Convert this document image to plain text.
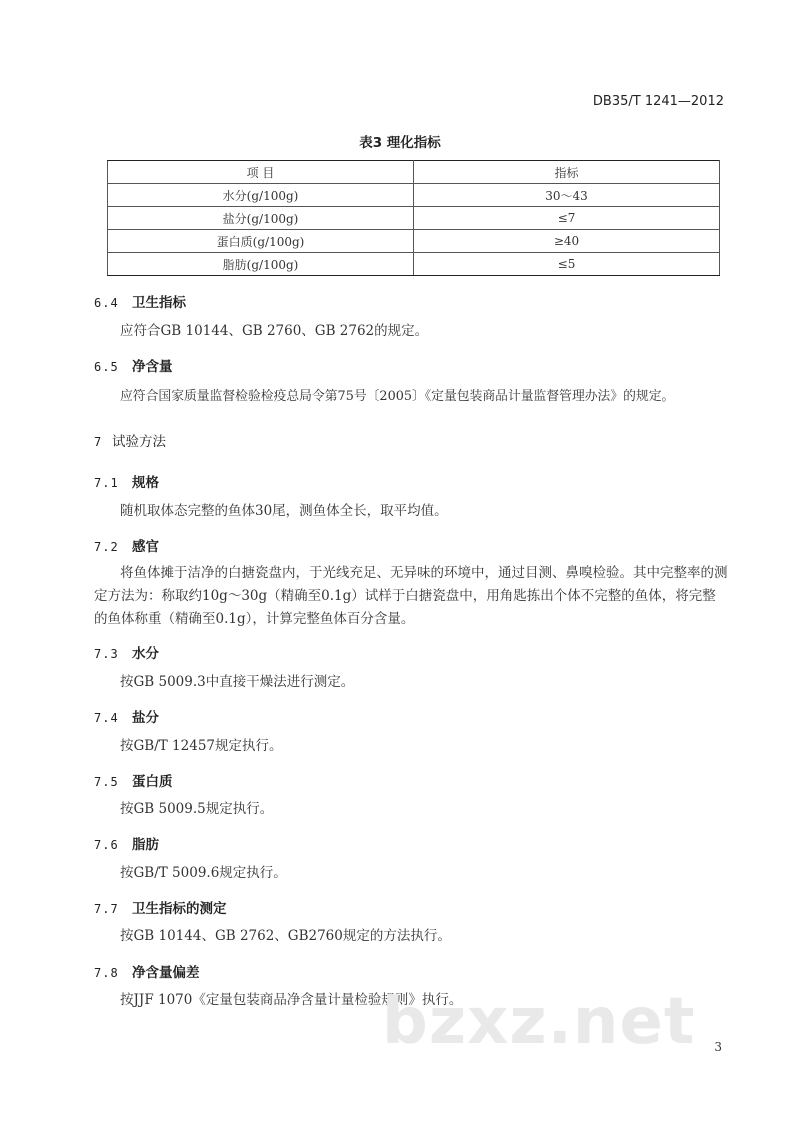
DB35/T 1241—2012
表3 理化指标
项 目	指标
水分(g/100g)	30～43
盐分(g/100g)	≤7
蛋白质(g/100g)	≥40
脂肪(g/100g)	≤5
6.4 卫生指标
应符合GB 10144、GB 2760、GB 2762的规定。
6.5 净含量
应符合国家质量监督检验检疫总局令第75号〔2005〕《定量包装商品计量监督管理办法》的规定。
7 试验方法
7.1 规格
随机取体态完整的鱼体30尾，测鱼体全长，取平均值。
7.2 感官
将鱼体摊于洁净的白搪瓷盘内，于光线充足、无异味的环境中，通过目测、鼻嗅检验。其中完整率的测定方法为：称取约10g～30g（精确至0.1g）试样于白搪瓷盘中，用角匙拣出个体不完整的鱼体，将完整的鱼体称重（精确至0.1g），计算完整鱼体百分含量。
7.3 水分
按GB 5009.3中直接干燥法进行测定。
7.4 盐分
按GB/T 12457规定执行。
7.5 蛋白质
按GB 5009.5规定执行。
7.6 脂肪
按GB/T 5009.6规定执行。
7.7 卫生指标的测定
按GB 10144、GB 2762、GB2760规定的方法执行。
7.8 净含量偏差
按JJF 1070《定量包装商品净含量计量检验规则》执行。
bzxz.net 3
